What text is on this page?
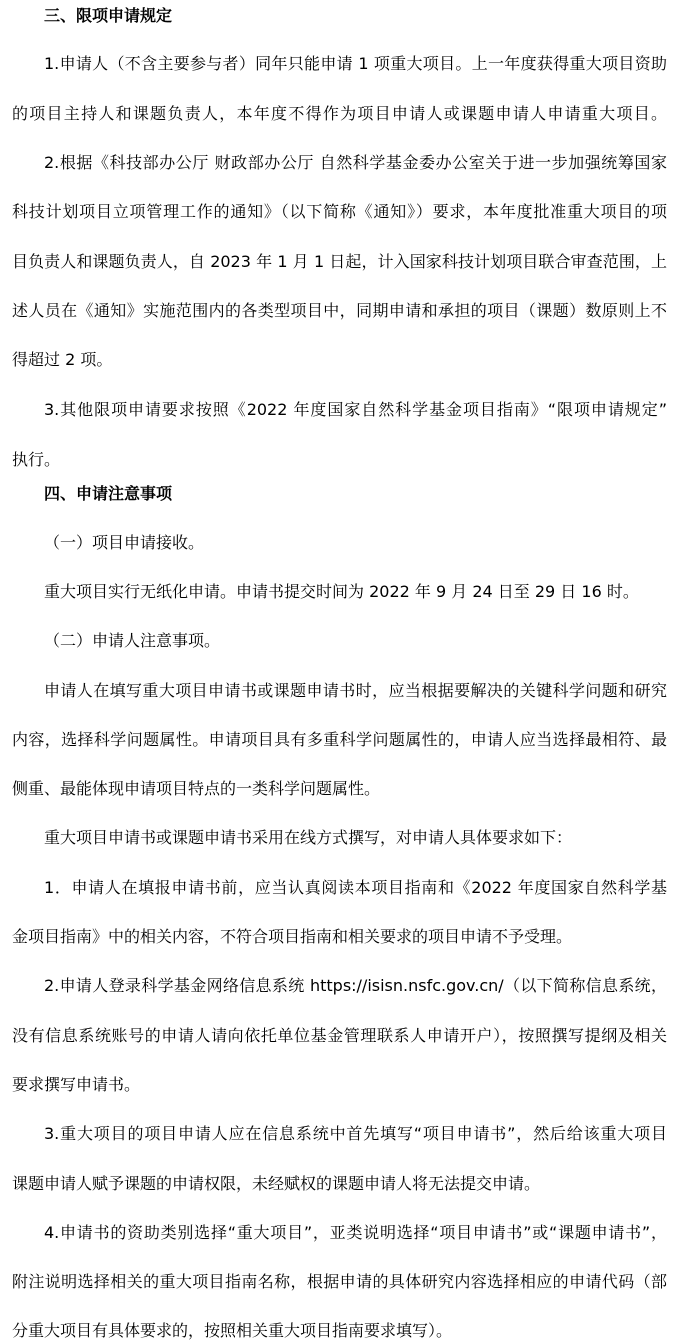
三、限项申请规定
1.申请人（不含主要参与者）同年只能申请 1 项重大项目。上一年度获得重大项目资助
的项目主持人和课题负责人，本年度不得作为项目申请人或课题申请人申请重大项目。
2.根据《科技部办公厅 财政部办公厅 自然科学基金委办公室关于进一步加强统筹国家
科技计划项目立项管理工作的通知》（以下简称《通知》）要求，本年度批准重大项目的项
目负责人和课题负责人，自 2023 年 1 月 1 日起，计入国家科技计划项目联合审查范围，上
述人员在《通知》实施范围内的各类型项目中，同期申请和承担的项目（课题）数原则上不
得超过 2 项。
3.其他限项申请要求按照《2022 年度国家自然科学基金项目指南》“限项申请规定”
执行。
四、申请注意事项
（一）项目申请接收。
重大项目实行无纸化申请。申请书提交时间为 2022 年 9 月 24 日至 29 日 16 时。
（二）申请人注意事项。
申请人在填写重大项目申请书或课题申请书时，应当根据要解决的关键科学问题和研究
内容，选择科学问题属性。申请项目具有多重科学问题属性的，申请人应当选择最相符、最
侧重、最能体现申请项目特点的一类科学问题属性。
重大项目申请书或课题申请书采用在线方式撰写，对申请人具体要求如下：
1．申请人在填报申请书前，应当认真阅读本项目指南和《2022 年度国家自然科学基
金项目指南》中的相关内容，不符合项目指南和相关要求的项目申请不予受理。
2.申请人登录科学基金网络信息系统 https://isisn.nsfc.gov.cn/（以下简称信息系统，
没有信息系统账号的申请人请向依托单位基金管理联系人申请开户），按照撰写提纲及相关
要求撰写申请书。
3.重大项目的项目申请人应在信息系统中首先填写“项目申请书”，然后给该重大项目
课题申请人赋予课题的申请权限，未经赋权的课题申请人将无法提交申请。
4.申请书的资助类别选择“重大项目”，亚类说明选择“项目申请书”或“课题申请书”，
附注说明选择相关的重大项目指南名称，根据申请的具体研究内容选择相应的申请代码（部
分重大项目有具体要求的，按照相关重大项目指南要求填写）。
